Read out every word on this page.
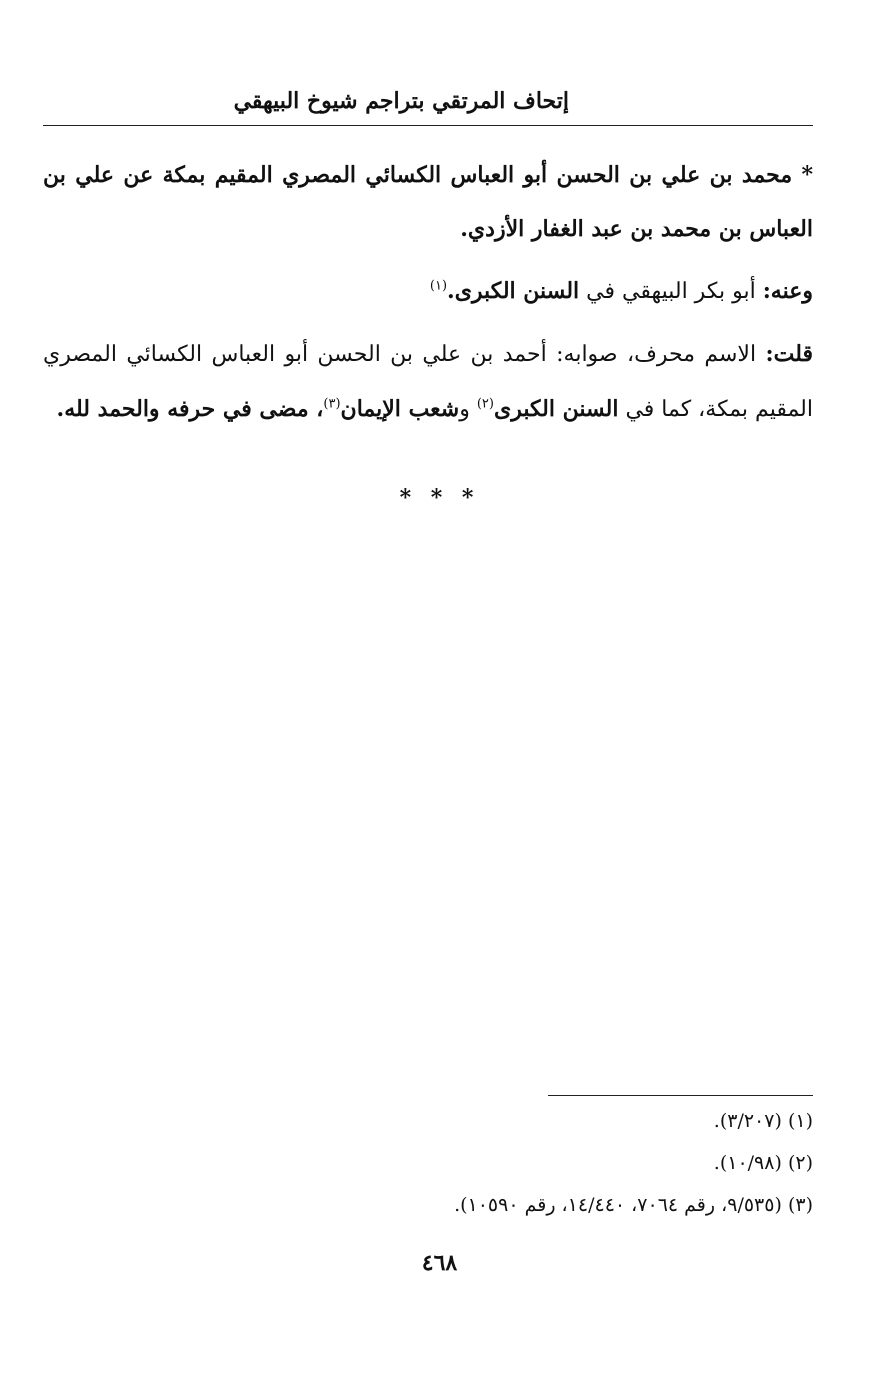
إتحاف المرتقي بتراجم شيوخ البيهقي

* محمد بن علي بن الحسن أبو العباس الكسائي المصري المقيم بمكة عن علي بن العباس بن محمد بن عبد الغفار الأزدي.

وعنه: أبو بكر البيهقي في السنن الكبرى.$^{(١)}$

قلت: الاسم محرف، صوابه: أحمد بن علي بن الحسن أبو العباس الكسائي المصري المقيم بمكة، كما في السنن الكبرى$^{(٢)}$ وشعب الإيمان$^{(٣)}$، مضى في حرفه والحمد لله.

* * *
(١) (٣/٢٠٧).
(٢) (١٠/٩٨).
(٣) (٩/٥٣٥، رقم ٧٠٦٤، ١٤/٤٤٠، رقم ١٠٥٩٠).
٤٦٨
